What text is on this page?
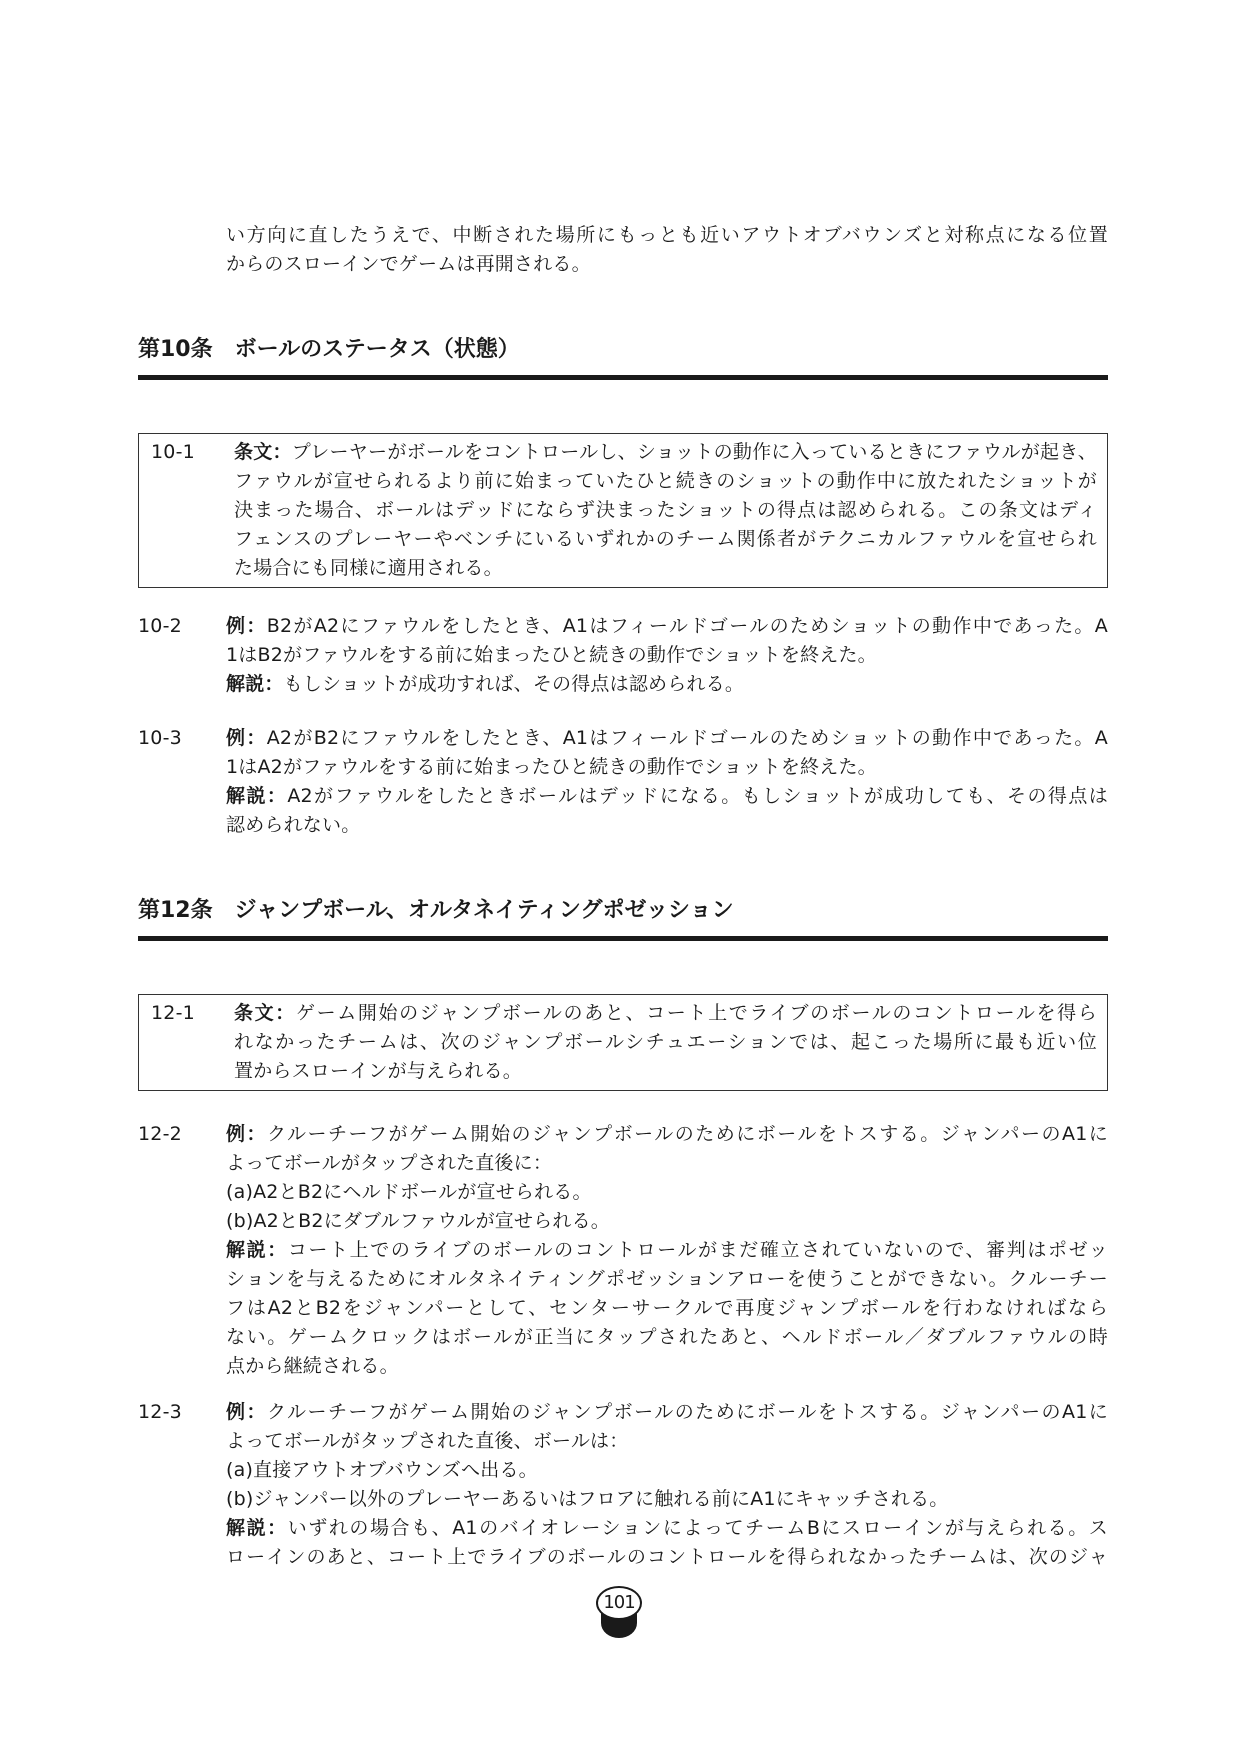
い方向に直したうえで、中断された場所にもっとも近いアウトオブバウンズと対称点になる位置
からのスローインでゲームは再開される。
第10条 ボールのステータス（状態）
10-1 条文：プレーヤーがボールをコントロールし、ショットの動作に入っているときにファウルが起き、
ファウルが宣せられるより前に始まっていたひと続きのショットの動作中に放たれたショットが
決まった場合、ボールはデッドにならず決まったショットの得点は認められる。この条文はディ
フェンスのプレーヤーやベンチにいるいずれかのチーム関係者がテクニカルファウルを宣せられ
た場合にも同様に適用される。
10-2	例：B2がA2にファウルをしたとき、A1はフィールドゴールのためショットの動作中であった。A
1はB2がファウルをする前に始まったひと続きの動作でショットを終えた。
解説：もしショットが成功すれば、その得点は認められる。
10-3	例：A2がB2にファウルをしたとき、A1はフィールドゴールのためショットの動作中であった。A
1はA2がファウルをする前に始まったひと続きの動作でショットを終えた。
解説：A2がファウルをしたときボールはデッドになる。もしショットが成功しても、その得点は
認められない。
第12条 ジャンプボール、オルタネイティングポゼッション
12-1 条文：ゲーム開始のジャンプボールのあと、コート上でライブのボールのコントロールを得ら
れなかったチームは、次のジャンプボールシチュエーションでは、起こった場所に最も近い位
置からスローインが与えられる。
12-2	例：クルーチーフがゲーム開始のジャンプボールのためにボールをトスする。ジャンパーのA1に
よってボールがタップされた直後に：
(a)A2とB2にヘルドボールが宣せられる。
(b)A2とB2にダブルファウルが宣せられる。
解説：コート上でのライブのボールのコントロールがまだ確立されていないので、審判はポゼッ
ションを与えるためにオルタネイティングポゼッションアローを使うことができない。クルーチー
フはA2とB2をジャンパーとして、センターサークルで再度ジャンプボールを行わなければなら
ない。ゲームクロックはボールが正当にタップされたあと、ヘルドボール／ダブルファウルの時
点から継続される。
12-3	例：クルーチーフがゲーム開始のジャンプボールのためにボールをトスする。ジャンパーのA1に
よってボールがタップされた直後、ボールは：
(a)直接アウトオブバウンズへ出る。
(b)ジャンパー以外のプレーヤーあるいはフロアに触れる前にA1にキャッチされる。
解説：いずれの場合も、A1のバイオレーションによってチームBにスローインが与えられる。ス
ローインのあと、コート上でライブのボールのコントロールを得られなかったチームは、次のジャ
101
